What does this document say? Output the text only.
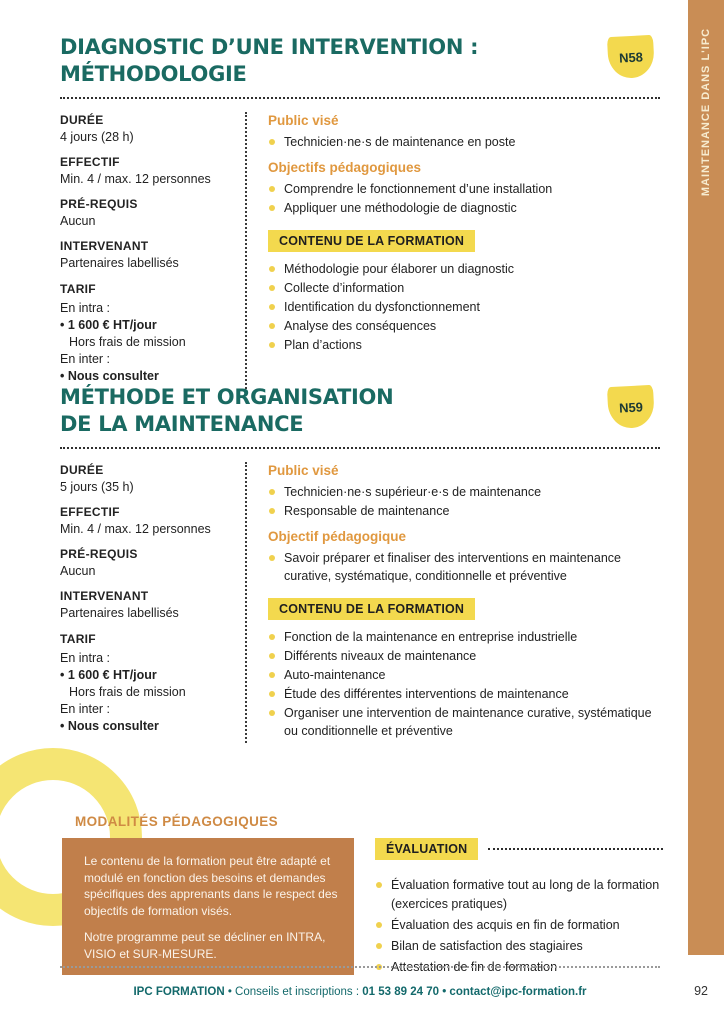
MAINTENANCE DANS L'IPC
DIAGNOSTIC D’UNE INTERVENTION :
MÉTHODOLOGIE
N58
DURÉE
4 jours (28 h)
EFFECTIF
Min. 4 / max. 12 personnes
PRÉ-REQUIS
Aucun
INTERVENANT
Partenaires labellisés
TARIF
En intra :
• 1 600 € HT/jour
Hors frais de mission
En inter :
• Nous consulter
Public visé
Technicien·ne·s de maintenance en poste
Objectifs pédagogiques
Comprendre le fonctionnement d’une installation
Appliquer une méthodologie de diagnostic
CONTENU DE LA FORMATION
Méthodologie pour élaborer un diagnostic
Collecte d’information
Identification du dysfonctionnement
Analyse des conséquences
Plan d’actions
MÉTHODE ET ORGANISATION
DE LA MAINTENANCE
N59
DURÉE
5 jours (35 h)
EFFECTIF
Min. 4 / max. 12 personnes
PRÉ-REQUIS
Aucun
INTERVENANT
Partenaires labellisés
TARIF
En intra :
• 1 600 € HT/jour
Hors frais de mission
En inter :
• Nous consulter
Public visé
Technicien·ne·s supérieur·e·s de maintenance
Responsable de maintenance
Objectif pédagogique
Savoir préparer et finaliser des interventions en maintenance curative, systématique, conditionnelle et préventive
CONTENU DE LA FORMATION
Fonction de la maintenance en entreprise industrielle
Différents niveaux de maintenance
Auto-maintenance
Étude des différentes interventions de maintenance
Organiser une intervention de maintenance curative, systématique ou conditionnelle et préventive
MODALITÉS PÉDAGOGIQUES

Le contenu de la formation peut être adapté et modulé en fonction des besoins et demandes spécifiques des apprenants dans le respect des objectifs de formation visés.

Notre programme peut se décliner en INTRA, VISIO et SUR-MESURE.

ÉVALUATION
Évaluation formative tout au long de la formation (exercices pratiques)
Évaluation des acquis en fin de formation
Bilan de satisfaction des stagiaires
Attestation de fin de formation

IPC FORMATION • Conseils et inscriptions : 01 53 89 24 70 • contact@ipc-formation.fr	92
